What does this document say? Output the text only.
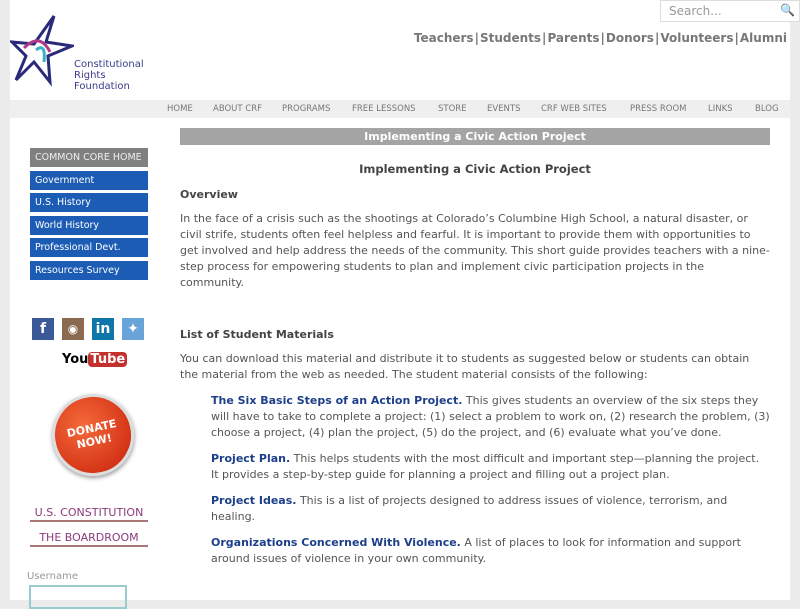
Constitutional
Rights
Foundation
Search...	🔍
Teachers|Students|Parents|Donors|Volunteers|Alumni
HOME ABOUT CRF PROGRAMS	FREE LESSONS	STORE EVENTS CRF WEB SITES	PRESS ROOM	LINKS	BLOG
COMMON CORE HOME
Government
U.S. History
World History
Professional Devt.
Resources Survey
f	◉	in	✦
You Tube
DONATE NOW!
U.S. CONSTITUTION
THE BOARDROOM
Username
Implementing a Civic Action Project
Implementing a Civic Action Project
Overview

In the face of a crisis such as the shootings at Colorado’s Columbine High School, a natural disaster, or civil strife, students often feel helpless and fearful. It is important to provide them with opportunities to get involved and help address the needs of the community. This short guide provides teachers with a nine-step process for empowering students to plan and implement civic participation projects in the community.

List of Student Materials

You can download this material and distribute it to students as suggested below or students can obtain the material from the web as needed. The student material consists of the following:

The Six Basic Steps of an Action Project. This gives students an overview of the six steps they will have to take to complete a project: (1) select a problem to work on, (2) research the problem, (3) choose a project, (4) plan the project, (5) do the project, and (6) evaluate what you’ve done.

Project Plan. This helps students with the most difficult and important step—planning the project. It provides a step-by-step guide for planning a project and filling out a project plan.

Project Ideas. This is a list of projects designed to address issues of violence, terrorism, and healing.

Organizations Concerned With Violence. A list of places to look for information and support around issues of violence in your own community.
